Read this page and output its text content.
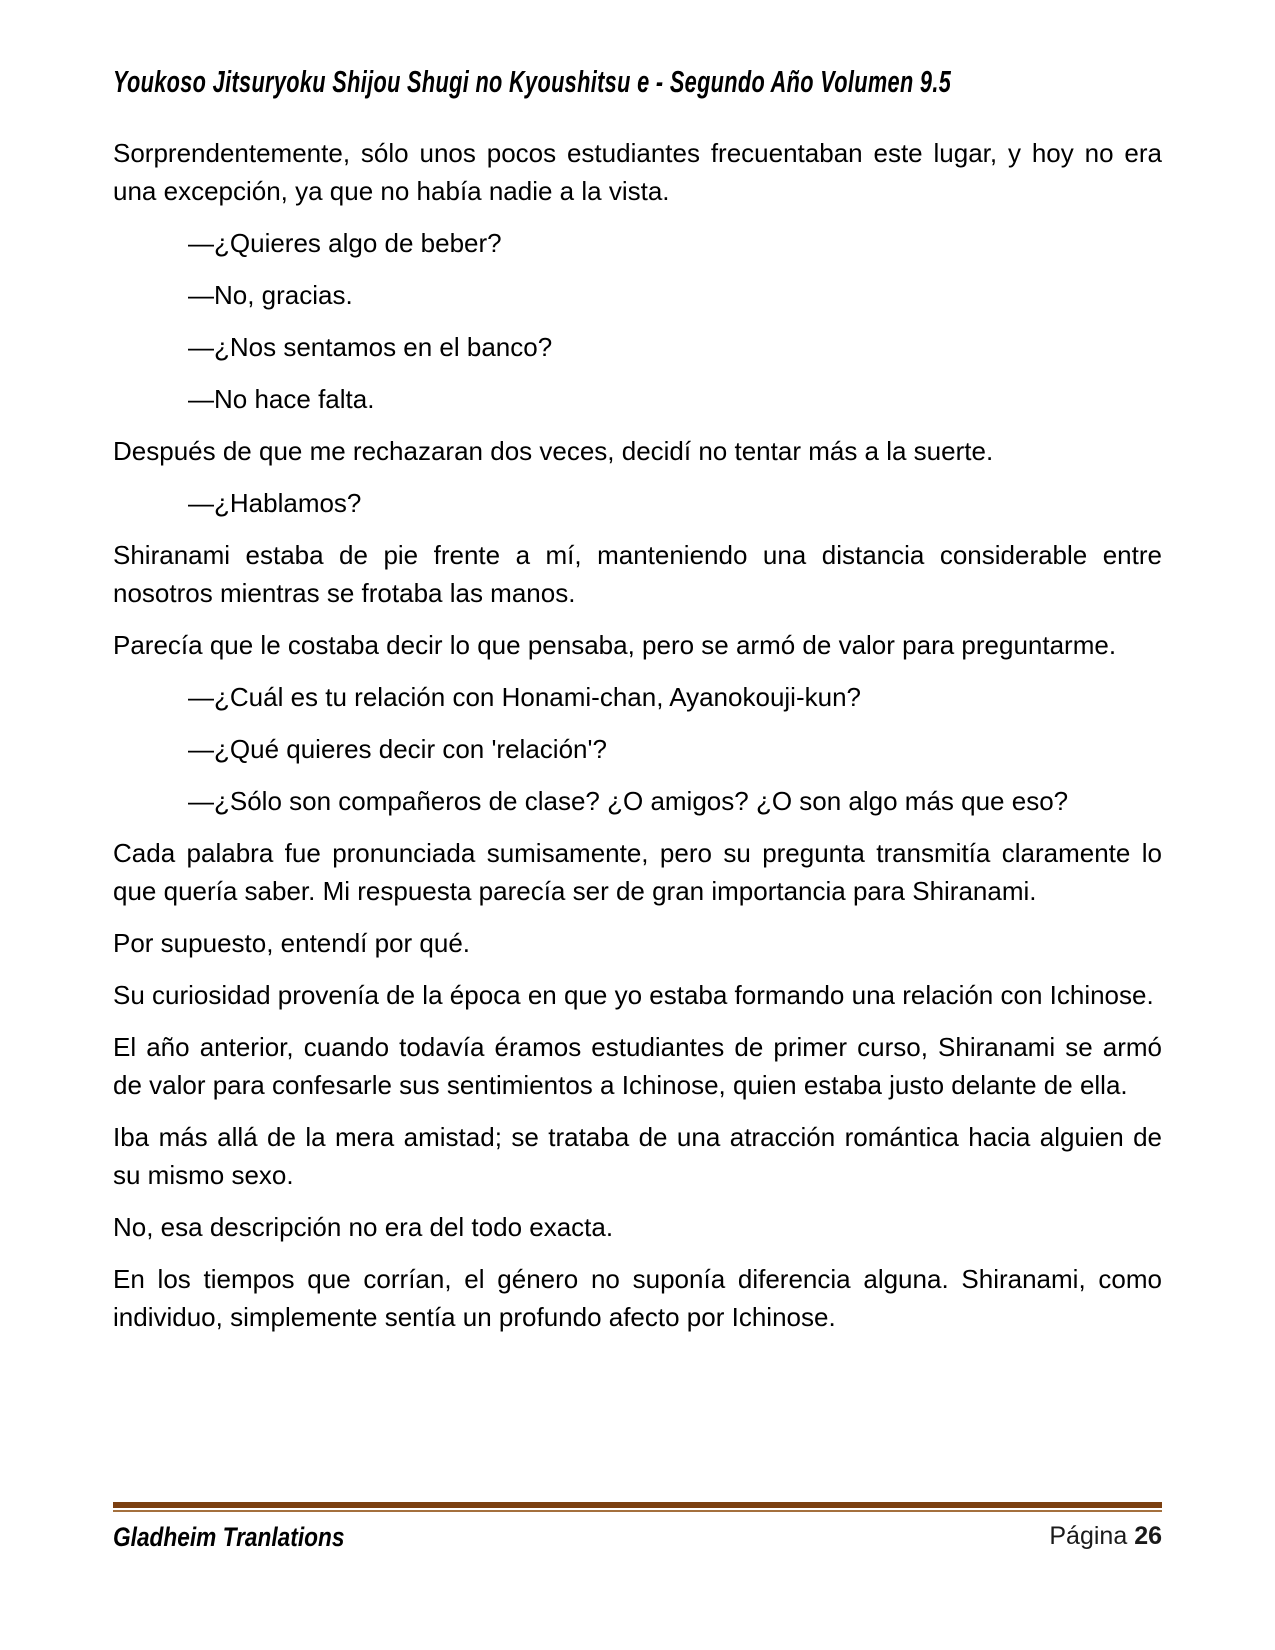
Youkoso Jitsuryoku Shijou Shugi no Kyoushitsu e - Segundo Año Volumen 9.5

Sorprendentemente, sólo unos pocos estudiantes frecuentaban este lugar, y hoy no era una excepción, ya que no había nadie a la vista.

—¿Quieres algo de beber?

—No, gracias.

—¿Nos sentamos en el banco?

—No hace falta.

Después de que me rechazaran dos veces, decidí no tentar más a la suerte.

—¿Hablamos?

Shiranami estaba de pie frente a mí, manteniendo una distancia considerable entre nosotros mientras se frotaba las manos.

Parecía que le costaba decir lo que pensaba, pero se armó de valor para preguntarme.

—¿Cuál es tu relación con Honami-chan, Ayanokouji-kun?

—¿Qué quieres decir con 'relación'?

—¿Sólo son compañeros de clase? ¿O amigos? ¿O son algo más que eso?

Cada palabra fue pronunciada sumisamente, pero su pregunta transmitía claramente lo que quería saber. Mi respuesta parecía ser de gran importancia para Shiranami.

Por supuesto, entendí por qué.

Su curiosidad provenía de la época en que yo estaba formando una relación con Ichinose.

El año anterior, cuando todavía éramos estudiantes de primer curso, Shiranami se armó de valor para confesarle sus sentimientos a Ichinose, quien estaba justo delante de ella.

Iba más allá de la mera amistad; se trataba de una atracción romántica hacia alguien de su mismo sexo.

No, esa descripción no era del todo exacta.

En los tiempos que corrían, el género no suponía diferencia alguna. Shiranami, como individuo, simplemente sentía un profundo afecto por Ichinose.

Gladheim Tranlations	Página 26
